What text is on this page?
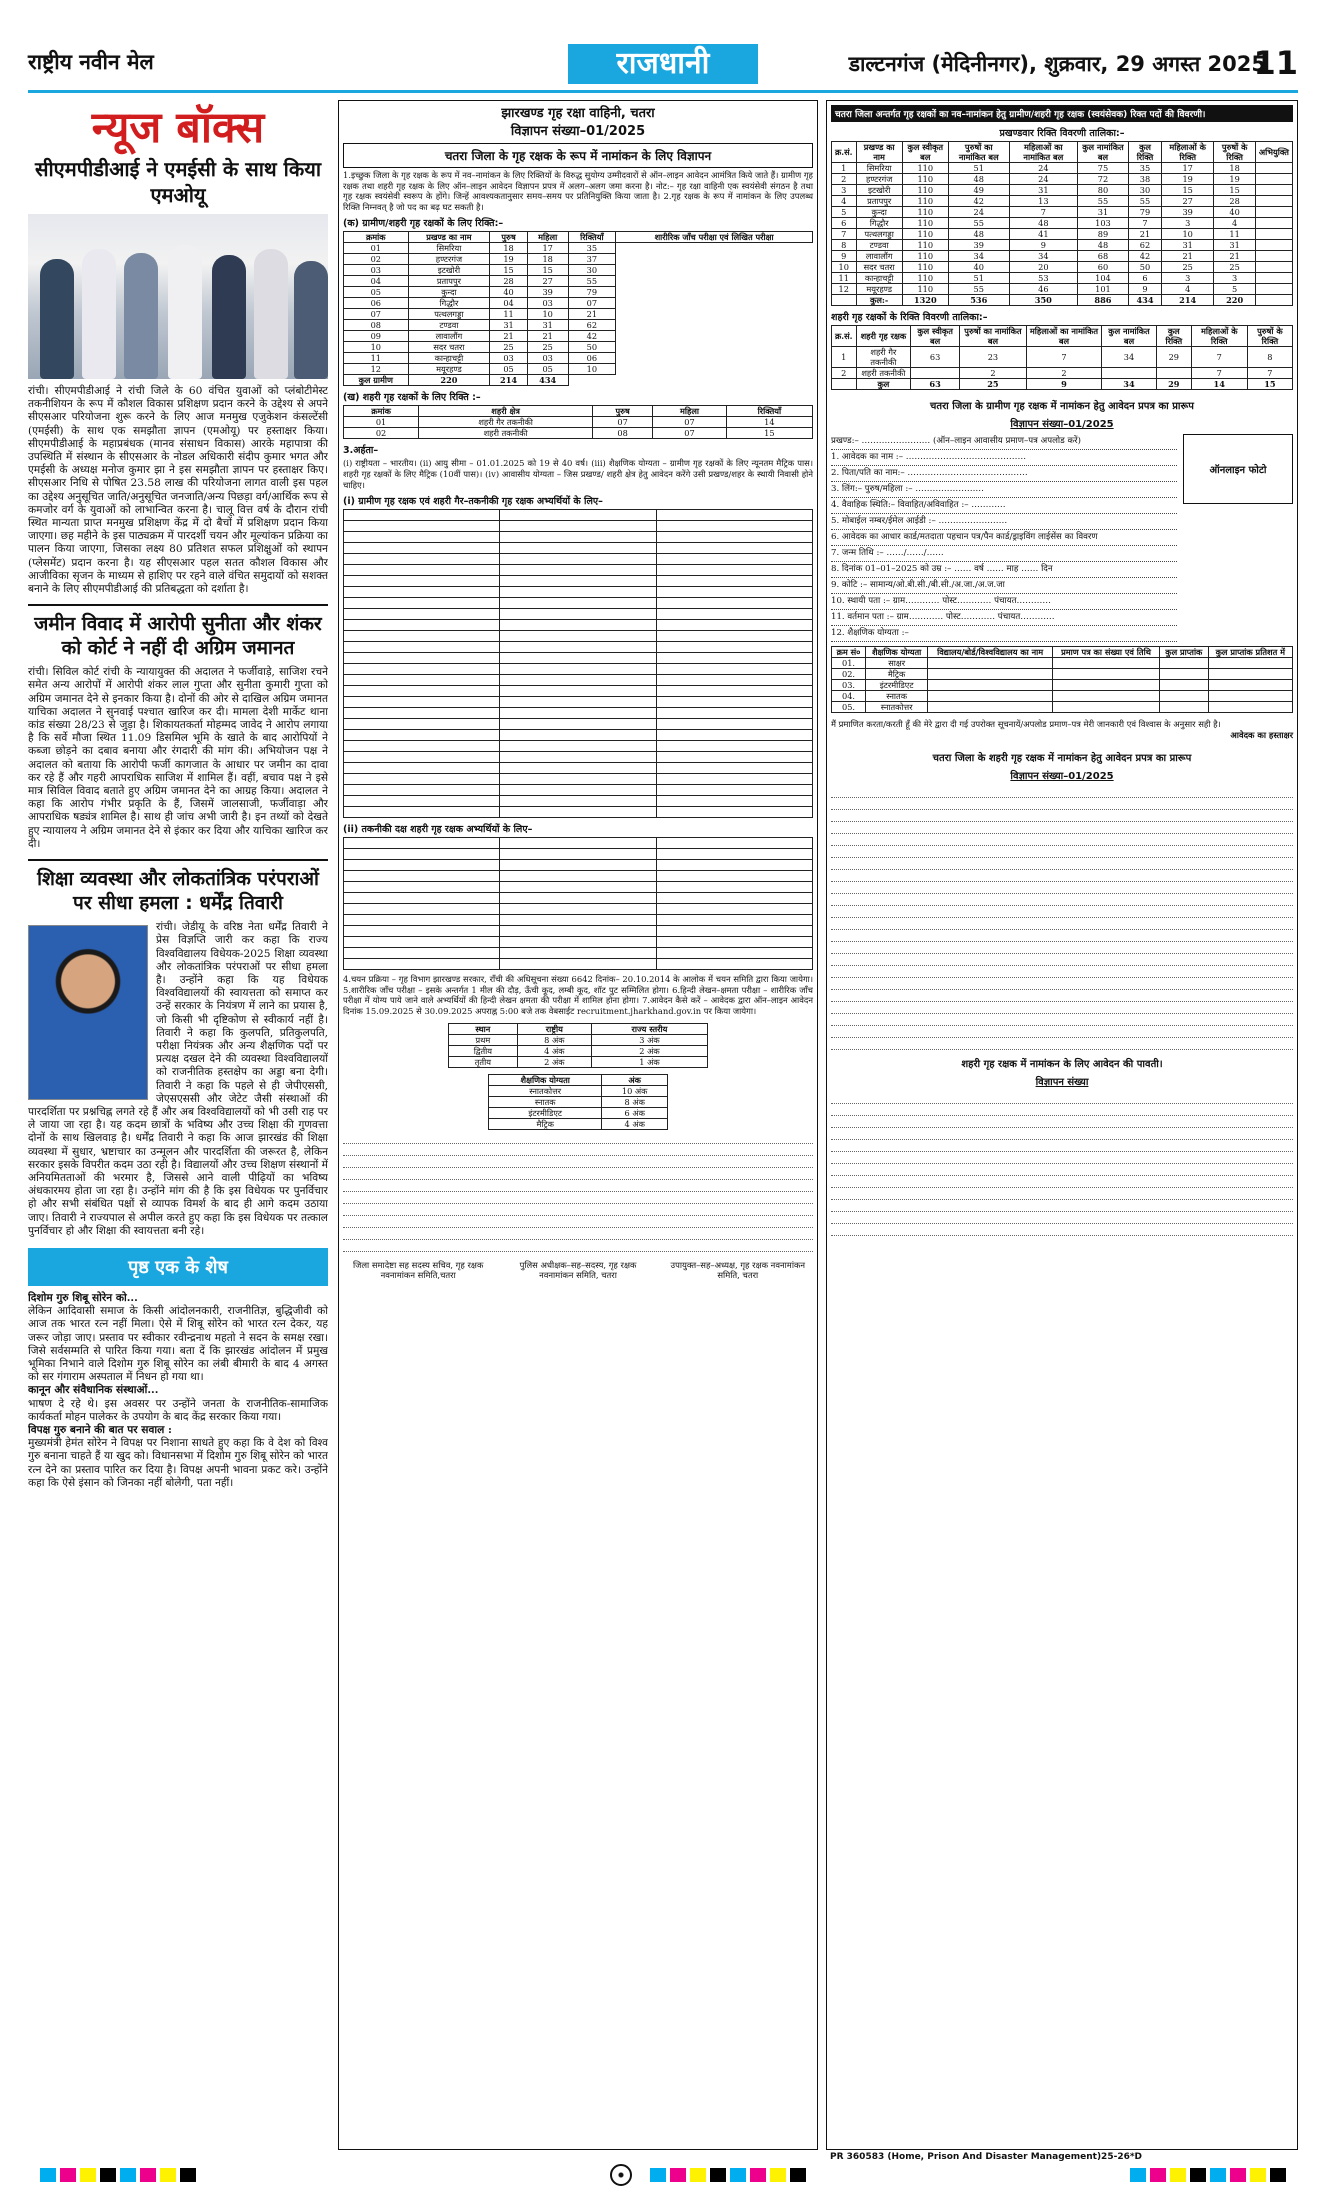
राष्ट्रीय नवीन मेल	राजधानी	डाल्टनगंज (मेदिनीनगर), शुक्रवार, 29 अगस्त 2025
11
न्यूज बॉक्स
सीएमपीडीआई ने एमईसी के साथ किया एमओयू
रांची। सीएमपीडीआई ने रांची जिले के 60 वंचित युवाओं को प्लंबोटीमेस्ट तकनीशियन के रूप में कौशल विकास प्रशिक्षण प्रदान करने के उद्देश्य से अपने सीएसआर परियोजना शुरू करने के लिए आज मनमुख एजुकेशन कंसल्टेंसी (एमईसी) के साथ एक समझौता ज्ञापन (एमओयू) पर हस्ताक्षर किया। सीएमपीडीआई के महाप्रबंधक (मानव संसाधन विकास) आरके महापात्रा की उपस्थिति में संस्थान के सीएसआर के नोडल अधिकारी संदीप कुमार भगत और एमईसी के अध्यक्ष मनोज कुमार झा ने इस समझौता ज्ञापन पर हस्ताक्षर किए। सीएसआर निधि से पोषित 23.58 लाख की परियोजना लागत वाली इस पहल का उद्देश्य अनुसूचित जाति/अनुसूचित जनजाति/अन्य पिछड़ा वर्ग/आर्थिक रूप से कमजोर वर्ग के युवाओं को लाभान्वित करना है। चालू वित्त वर्ष के दौरान रांची स्थित मान्यता प्राप्त मनमुख प्रशिक्षण केंद्र में दो बैचों में प्रशिक्षण प्रदान किया जाएगा। छह महीने के इस पाठ्यक्रम में पारदर्शी चयन और मूल्यांकन प्रक्रिया का पालन किया जाएगा, जिसका लक्ष्य 80 प्रतिशत सफल प्रशिक्षुओं को स्थापन (प्लेसमेंट) प्रदान करना है। यह सीएसआर पहल सतत कौशल विकास और आजीविका सृजन के माध्यम से हाशिए पर रहने वाले वंचित समुदायों को सशक्त बनाने के लिए सीएमपीडीआई की प्रतिबद्धता को दर्शाता है।
जमीन विवाद में आरोपी सुनीता और शंकर को कोर्ट ने नहीं दी अग्रिम जमानत
रांची। सिविल कोर्ट रांची के न्यायायुक्त की अदालत ने फर्जीवाड़े, साजिश रचने समेत अन्य आरोपों में आरोपी शंकर लाल गुप्ता और सुनीता कुमारी गुप्ता को अग्रिम जमानत देने से इनकार किया है। दोनों की ओर से दाखिल अग्रिम जमानत याचिका अदालत ने सुनवाई पश्चात खारिज कर दी। मामला देशी मार्केट थाना कांड संख्या 28/23 से जुड़ा है। शिकायतकर्ता मोहम्मद जावेद ने आरोप लगाया है कि सर्वे मौजा स्थित 11.09 डिसमिल भूमि के खाते के बाद आरोपियों ने कब्जा छोड़ने का दबाव बनाया और रंगदारी की मांग की। अभियोजन पक्ष ने अदालत को बताया कि आरोपी फर्जी कागजात के आधार पर जमीन का दावा कर रहे हैं और गहरी आपराधिक साजिश में शामिल हैं। वहीं, बचाव पक्ष ने इसे मात्र सिविल विवाद बताते हुए अग्रिम जमानत देने का आग्रह किया। अदालत ने कहा कि आरोप गंभीर प्रकृति के हैं, जिसमें जालसाजी, फर्जीवाड़ा और आपराधिक षड्यंत्र शामिल है। साथ ही जांच अभी जारी है। इन तथ्यों को देखते हुए न्यायालय ने अग्रिम जमानत देने से इंकार कर दिया और याचिका खारिज कर दी।
शिक्षा व्यवस्था और लोकतांत्रिक परंपराओं पर सीधा हमला : धर्मेंद्र तिवारी
रांची। जेडीयू के वरिष्ठ नेता धर्मेंद्र तिवारी ने प्रेस विज्ञप्ति जारी कर कहा कि राज्य विश्वविद्यालय विधेयक-2025 शिक्षा व्यवस्था और लोकतांत्रिक परंपराओं पर सीधा हमला है। उन्होंने कहा कि यह विधेयक विश्वविद्यालयों की स्वायत्तता को समाप्त कर उन्हें सरकार के नियंत्रण में लाने का प्रयास है, जो किसी भी दृष्टिकोण से स्वीकार्य नहीं है। तिवारी ने कहा कि कुलपति, प्रतिकुलपति, परीक्षा नियंत्रक और अन्य शैक्षणिक पदों पर प्रत्यक्ष दखल देने की व्यवस्था विश्वविद्यालयों को राजनीतिक हस्तक्षेप का अड्डा बना देगी। तिवारी ने कहा कि पहले से ही जेपीएससी, जेएसएससी और जेटेट जैसी संस्थाओं की पारदर्शिता पर प्रश्नचिह्न लगते रहे हैं और अब विश्वविद्यालयों को भी उसी राह पर ले जाया जा रहा है। यह कदम छात्रों के भविष्य और उच्च शिक्षा की गुणवत्ता दोनों के साथ खिलवाड़ है। धर्मेंद्र तिवारी ने कहा कि आज झारखंड की शिक्षा व्यवस्था में सुधार, भ्रष्टाचार का उन्मूलन और पारदर्शिता की जरूरत है, लेकिन सरकार इसके विपरीत कदम उठा रही है। विद्यालयों और उच्च शिक्षण संस्थानों में अनियमितताओं की भरमार है, जिससे आने वाली पीढ़ियों का भविष्य अंधकारमय होता जा रहा है। उन्होंने मांग की है कि इस विधेयक पर पुनर्विचार हो और सभी संबंधित पक्षों से व्यापक विमर्श के बाद ही आगे कदम उठाया जाए। तिवारी ने राज्यपाल से अपील करते हुए कहा कि इस विधेयक पर तत्काल पुनर्विचार हो और शिक्षा की स्वायत्तता बनी रहे।
पृष्ठ एक के शेष
दिशोम गुरु शिबू सोरेन को...
लेकिन आदिवासी समाज के किसी आंदोलनकारी, राजनीतिज्ञ, बुद्धिजीवी को आज तक भारत रत्न नहीं मिला। ऐसे में शिबू सोरेन को भारत रत्न देकर, यह जरूर जोड़ा जाए। प्रस्ताव पर स्वीकार रवीन्द्रनाथ महतो ने सदन के समक्ष रखा। जिसे सर्वसम्मति से पारित किया गया। बता दें कि झारखंड आंदोलन में प्रमुख भूमिका निभाने वाले दिशोम गुरु शिबू सोरेन का लंबी बीमारी के बाद 4 अगस्त को सर गंगाराम अस्पताल में निधन हो गया था।
कानून और संवैधानिक संस्थाओं...
भाषण दे रहे थे। इस अवसर पर उन्होंने जनता के राजनीतिक-सामाजिक कार्यकर्ता मोहन पालेकर के उपयोग के बाद केंद्र सरकार किया गया।
विपक्ष गुरु बनाने की बात पर सवाल :
मुख्यमंत्री हेमंत सोरेन ने विपक्ष पर निशाना साधते हुए कहा कि वे देश को विश्व गुरु बनाना चाहते हैं या खुद को। विधानसभा में दिशोम गुरु शिबू सोरेन को भारत रत्न देने का प्रस्ताव पारित कर दिया है। विपक्ष अपनी भावना प्रकट करे। उन्होंने कहा कि ऐसे इंसान को जिनका नहीं बोलेगी, पता नहीं।
झारखण्ड गृह रक्षा वाहिनी, चतरा
विज्ञापन संख्या–01/2025
चतरा जिला के गृह रक्षक के रूप में नामांकन के लिए विज्ञापन
1.इच्छुक जिला के गृह रक्षक के रूप में नव–नामांकन के लिए रिक्तियों के विरुद्ध सुयोग्य उम्मीदवारों से ऑन–लाइन आवेदन आमंत्रित किये जाते हैं। ग्रामीण गृह रक्षक तथा शहरी गृह रक्षक के लिए ऑन–लाइन आवेदन विज्ञापन प्रपत्र में अलग–अलग जमा करना है। नोट:– गृह रक्षा वाहिनी एक स्वयंसेवी संगठन है तथा गृह रक्षक स्वयंसेवी स्वरूप के होंगे। जिन्हें आवश्यकतानुसार समय–समय पर प्रतिनियुक्ति किया जाता है। 2.गृह रक्षक के रूप में नामांकन के लिए उपलब्ध रिक्ति निम्नवत् है जो पद का बढ़ घट सकती है।
(क) ग्रामीण/शहरी गृह रक्षकों के लिए रिक्ति:–
क्रमांक	प्रखण्ड का नाम	पुरुष	महिला	रिक्तियाँ	शारीरिक जाँच परीक्षा एवं लिखित परीक्षा
01	सिमरिया	18	17	35	
02	हण्टरगंज	19	18	37	
03	इटखोरी	15	15	30	
04	प्रतापपुर	28	27	55	
05	कुन्दा	40	39	79	
06	गिद्धौर	04	03	07	
07	पत्थलगड्डा	11	10	21	
08	टण्डवा	31	31	62	
09	लावालौंग	21	21	42	
10	सदर चतरा	25	25	50	
11	कान्हाचट्टी	03	03	06	
12	मयूरहण्ड	05	05	10	
कुल ग्रामीण	220	214	434		
(ख) शहरी गृह रक्षकों के लिए रिक्ति :–
क्रमांक	शहरी क्षेत्र	पुरुष	महिला	रिक्तियाँ
01	शहरी गैर तकनीकी	07	07	14
02	शहरी तकनीकी	08	07	15
3.अर्हता–
(i) राष्ट्रीयता – भारतीय। (ii) आयु सीमा – 01.01.2025 को 19 से 40 वर्ष। (iii) शैक्षणिक योग्यता – ग्रामीण गृह रक्षकों के लिए न्यूनतम मैट्रिक पास। शहरी गृह रक्षकों के लिए मैट्रिक (10वीं पास)। (iv) आवासीय योग्यता – जिस प्रखण्ड/ शहरी क्षेत्र हेतु आवेदन करेंगे उसी प्रखण्ड/शहर के स्थायी निवासी होने चाहिए।
(i) ग्रामीण गृह रक्षक एवं शहरी गैर–तकनीकी गृह रक्षक अभ्यर्थियों के लिए–

(ii) तकनीकी दक्ष शहरी गृह रक्षक अभ्यर्थियों के लिए–

4.चयन प्रक्रिया – गृह विभाग झारखण्ड सरकार, राँची की अधिसूचना संख्या 6642 दिनांक– 20.10.2014 के आलोक में चयन समिति द्वारा किया जायेगा। 5.शारीरिक जाँच परीक्षा – इसके अन्तर्गत 1 मील की दौड़, ऊँची कूद, लम्बी कूद, शॉट पुट सम्मिलित होगा। 6.हिन्दी लेखन–क्षमता परीक्षा – शारीरिक जाँच परीक्षा में योग्य पाये जाने वाले अभ्यर्थियों की हिन्दी लेखन क्षमता की परीक्षा में शामिल होना होगा। 7.आवेदन कैसे करें – आवेदक द्वारा ऑन–लाइन आवेदन दिनांक 15.09.2025 से 30.09.2025 अपराह्न 5:00 बजे तक वेबसाईट recruitment.jharkhand.gov.in पर किया जायेगा।
स्थान	राष्ट्रीय	राज्य स्तरीय
प्रथम	8 अंक	3 अंक
द्वितीय	4 अंक	2 अंक
तृतीय	2 अंक	1 अंक
शैक्षणिक योग्यता	अंक
स्नातकोत्तर	10 अंक
स्नातक	8 अंक
इंटरमीडिएट	6 अंक
मैट्रिक	4 अंक
जिला समादेष्टा सह सदस्य सचिव, गृह रक्षक नवनामांकन समिति,चतरा
पुलिस अधीक्षक–सह–सदस्य, गृह रक्षक नवनामांकन समिति, चतरा
उपायुक्त–सह–अध्यक्ष, गृह रक्षक नवनामांकन समिति, चतरा
चतरा जिला अन्तर्गत गृह रक्षकों का नव–नामांकन हेतु ग्रामीण/शहरी गृह रक्षक (स्वयंसेवक) रिक्त पदों की विवरणी।
प्रखण्डवार रिक्ति विवरणी तालिका:–
क्र.सं.	प्रखण्ड का नाम	कुल स्वीकृत बल	पुरुषों का नामांकित बल	महिलाओं का नामांकित बल	कुल नामांकित बल	कुल रिक्ति	महिलाओं के रिक्ति	पुरुषों के रिक्ति	अभियुक्ति
1	सिमरिया	110	51	24	75	35	17	18	
2	हण्टरगंज	110	48	24	72	38	19	19	
3	इटखोरी	110	49	31	80	30	15	15	
4	प्रतापपुर	110	42	13	55	55	27	28	
5	कुन्दा	110	24	7	31	79	39	40	
6	गिद्धौर	110	55	48	103	7	3	4	
7	पत्थलगड्डा	110	48	41	89	21	10	11	
8	टण्डवा	110	39	9	48	62	31	31	
9	लावालौंग	110	34	34	68	42	21	21	
10	सदर चतरा	110	40	20	60	50	25	25	
11	कान्हाचट्टी	110	51	53	104	6	3	3	
12	मयूरहण्ड	110	55	46	101	9	4	5	
	कुल:-	1320	536	350	886	434	214	220	
शहरी गृह रक्षकों के रिक्ति विवरणी तालिका:–
क्र.सं.	शहरी गृह रक्षक	कुल स्वीकृत बल	पुरुषों का नामांकित बल	महिलाओं का नामांकित बल	कुल नामांकित बल	कुल रिक्ति	महिलाओं के रिक्ति	पुरुषों के रिक्ति
1	शहरी गैर तकनीकी	63	23	7	34	29	7	8
2	शहरी तकनीकी		2	2			7	7
	कुल	63	25	9	34	29	14	15
चतरा जिला के ग्रामीण गृह रक्षक में नामांकन हेतु आवेदन प्रपत्र का प्रारूप
विज्ञापन संख्या–01/2025
प्रखण्ड:– …………………… (ऑन–लाइन आवासीय प्रमाण–पत्र अपलोड करें)
1. आवेदक का नाम :– ……………………………………
2. पिता/पति का नाम:– ……………………………………
3. लिंग:– पुरुष/महिला :– ……………………
4. वैवाहिक स्थिति:– विवाहित/अविवाहित :– …………
5. मोबाईल नम्बर/ईमेल आईडी :– ……………………
6. आवेदक का आधार कार्ड/मतदाता पहचान पत्र/पैन कार्ड/ड्राइविंग लाईसेंस का विवरण
7. जन्म तिथि :– ……/……/……
8. दिनांक 01–01–2025 को उम्र :– …… वर्ष …… माह …… दिन
9. कोटि :– सामान्य/ओ.बी.सी./बी.सी./अ.जा./अ.ज.जा
10. स्थायी पता :– ग्राम………… पोस्ट………… पंचायत…………
11. वर्तमान पता :– ग्राम………… पोस्ट………… पंचायत…………
12. शैक्षणिक योग्यता :–
ऑनलाइन फोटो
क्रम सं०	शैक्षणिक योग्यता	विद्यालय/बोर्ड/विश्वविद्यालय का नाम	प्रमाण पत्र का संख्या एवं तिथि	कुल प्राप्तांक	कुल प्राप्तांक प्रतिशत में
01.	साक्षर				
02.	मैट्रिक				
03.	इंटरमीडिएट				
04.	स्नातक				
05.	स्नातकोत्तर				
मैं प्रमाणित करता/करती हूँ की मेरे द्वारा दी गई उपरोक्त सूचनायें/अपलोड प्रमाण–पत्र मेरी जानकारी एवं विश्वास के अनुसार सही है।
आवेदक का हस्ताक्षर
चतरा जिला के शहरी गृह रक्षक में नामांकन हेतु आवेदन प्रपत्र का प्रारूप
विज्ञापन संख्या–01/2025
शहरी गृह रक्षक में नामांकन के लिए आवेदन की पावती।
विज्ञापन संख्या
PR 360583 (Home, Prison And Disaster Management)25-26*D
